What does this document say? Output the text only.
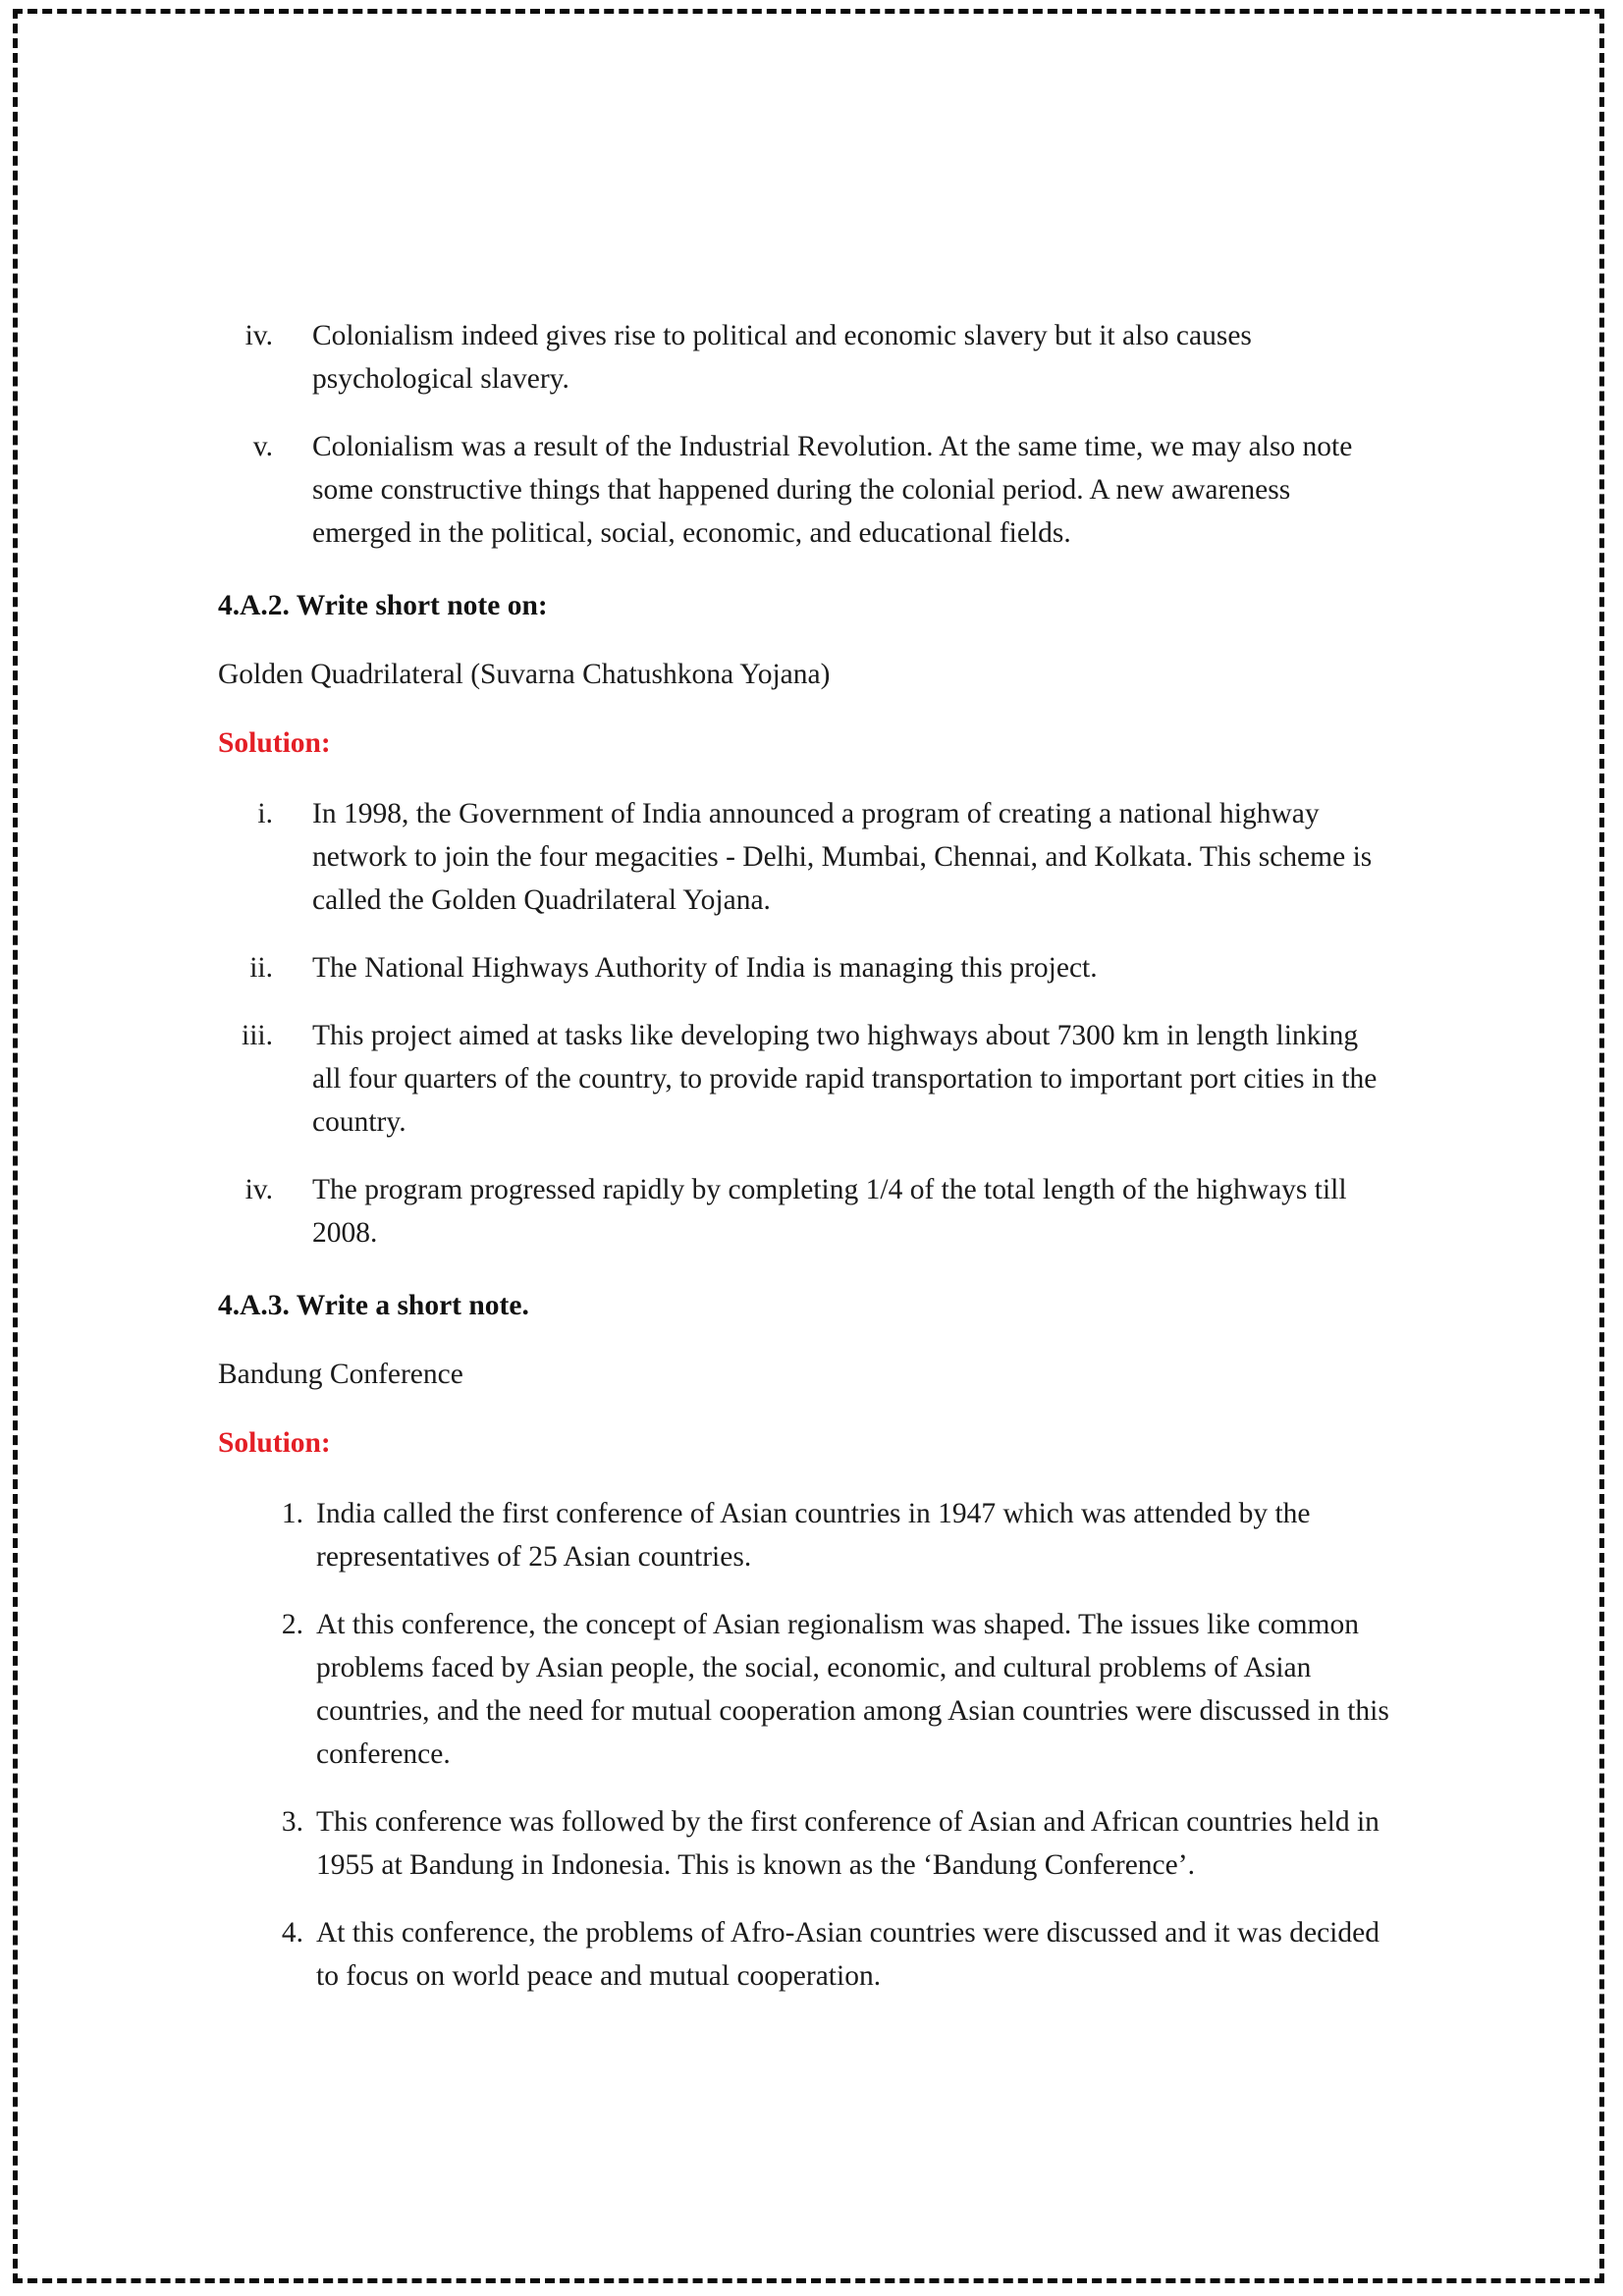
iv. Colonialism indeed gives rise to political and economic slavery but it also causes psychological slavery.
v. Colonialism was a result of the Industrial Revolution. At the same time, we may also note some constructive things that happened during the colonial period. A new awareness emerged in the political, social, economic, and educational fields.
4.A.2. Write short note on:
Golden Quadrilateral (Suvarna Chatushkona Yojana)
Solution:
i. In 1998, the Government of India announced a program of creating a national highway network to join the four megacities - Delhi, Mumbai, Chennai, and Kolkata. This scheme is called the Golden Quadrilateral Yojana.
ii. The National Highways Authority of India is managing this project.
iii. This project aimed at tasks like developing two highways about 7300 km in length linking all four quarters of the country, to provide rapid transportation to important port cities in the country.
iv. The program progressed rapidly by completing 1/4 of the total length of the highways till 2008.
4.A.3. Write a short note.
Bandung Conference
Solution:
1. India called the first conference of Asian countries in 1947 which was attended by the representatives of 25 Asian countries.
2. At this conference, the concept of Asian regionalism was shaped. The issues like common problems faced by Asian people, the social, economic, and cultural problems of Asian countries, and the need for mutual cooperation among Asian countries were discussed in this conference.
3. This conference was followed by the first conference of Asian and African countries held in 1955 at Bandung in Indonesia. This is known as the ‘Bandung Conference’.
4. At this conference, the problems of Afro-Asian countries were discussed and it was decided to focus on world peace and mutual cooperation.
